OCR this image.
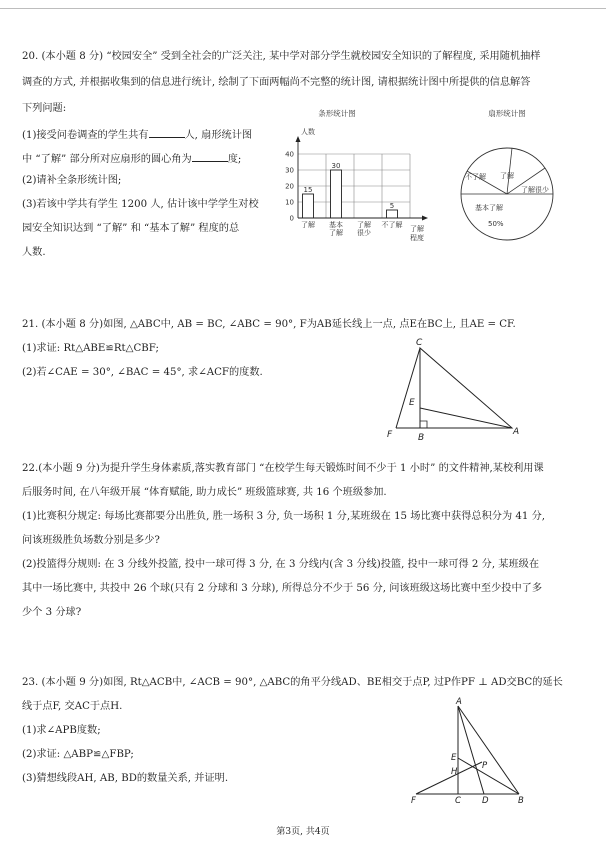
20. (本小题 8 分) “校园安全” 受到全社会的广泛关注, 某中学对部分学生就校园安全知识的了解程度, 采用随机抽样
调查的方式, 并根据收集到的信息进行统计, 绘制了下面两幅尚不完整的统计图, 请根据统计图中所提供的信息解答
下列问题:
(1)接受问卷调查的学生共有	人, 扇形统计图
中 “了解” 部分所对应扇形的圆心角为	度;
(2)请补全条形统计图;
(3)若该中学共有学生 1200 人, 估计该中学学生对校
园安全知识达到 “了解” 和 “基本了解” 程度的总
人数.
条形统计图
人数
了解
程度
15
30
5
0
10
20
30
40
了解 基本
了解
了解
很少
不了解
扇形统计图
不了解 了解
了解很少
基本了解
50%
21. (本小题 8 分)如图, △ABC中, AB = BC, ∠ABC = 90°, F为AB延长线上一点, 点E在BC上, 且AE = CF.
(1)求证: Rt△ABE≌Rt△CBF;
(2)若∠CAE = 30°, ∠BAC = 45°, 求∠ACF的度数.
C
E
F	B
A
22.(本小题 9 分)为提升学生身体素质,落实教育部门 “在校学生每天锻炼时间不少于 1 小时” 的文件精神,某校利用课
后服务时间, 在八年级开展 “体育赋能, 助力成长” 班级篮球赛, 共 16 个班级参加.
(1)比赛积分规定: 每场比赛都要分出胜负, 胜一场积 3 分, 负一场积 1 分,某班级在 15 场比赛中获得总积分为 41 分,
问该班级胜负场数分别是多少?
(2)投篮得分规则: 在 3 分线外投篮, 投中一球可得 3 分, 在 3 分线内(含 3 分线)投篮, 投中一球可得 2 分, 某班级在
其中一场比赛中, 共投中 26 个球(只有 2 分球和 3 分球), 所得总分不少于 56 分, 问该班级这场比赛中至少投中了多
少个 3 分球?
23. (本小题 9 分)如图, Rt△ACB中, ∠ACB = 90°, △ABC的角平分线AD、BE相交于点P, 过P作PF ⊥ AD交BC的延长
线于点F, 交AC于点H.
(1)求∠APB度数;
(2)求证: △ABP≌△FBP;
(3)猜想线段AH, AB, BD的数量关系, 并证明.
A
E
H
P
F	C D	B
第3页, 共4页
